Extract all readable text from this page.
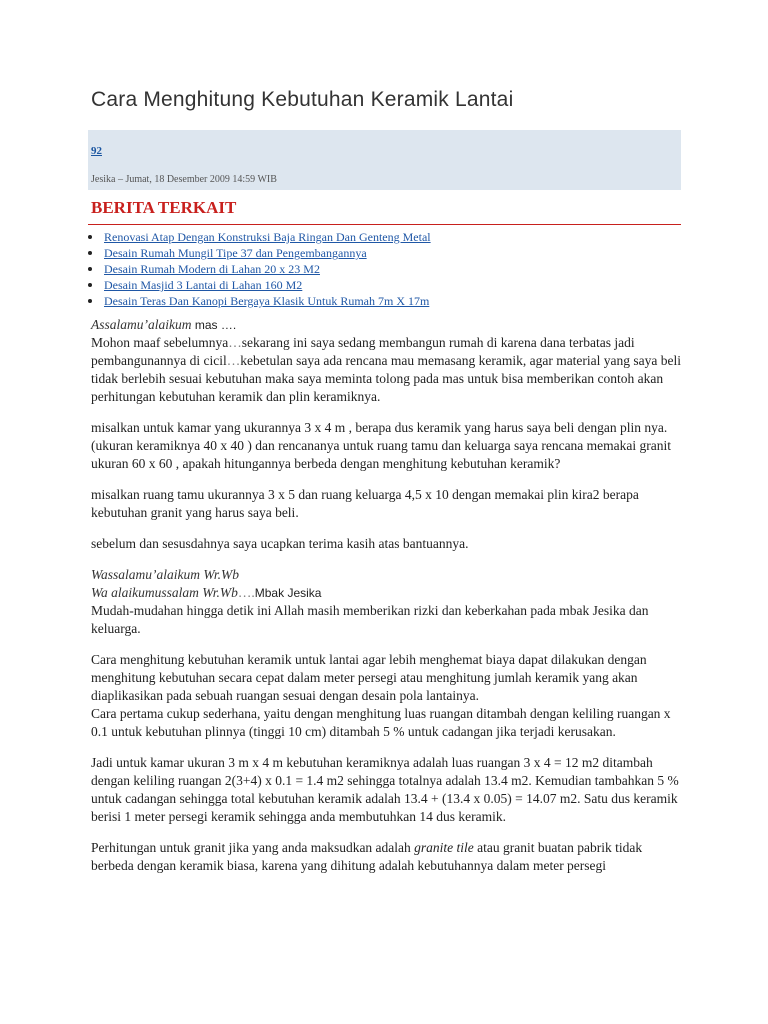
Cara Menghitung Kebutuhan Keramik Lantai
92
Jesika – Jumat, 18 Desember 2009 14:59 WIB
BERITA TERKAIT
Renovasi Atap Dengan Konstruksi Baja Ringan Dan Genteng Metal
Desain Rumah Mungil Tipe 37 dan Pengembangannya
Desain Rumah Modern di Lahan 20 x 23 M2
Desain Masjid 3 Lantai di Lahan 160 M2
Desain Teras Dan Kanopi Bergaya Klasik Untuk Rumah 7m X 17m

Assalamu’alaikum mas ….

Mohon maaf sebelumnya…sekarang ini saya sedang membangun rumah di karena dana terbatas jadi pembangunannya di cicil…kebetulan saya ada rencana mau memasang keramik, agar material yang saya beli tidak berlebih sesuai kebutuhan maka saya meminta tolong pada mas untuk bisa memberikan contoh akan perhitungan kebutuhan keramik dan plin keramiknya.

misalkan untuk kamar yang ukurannya 3 x 4 m , berapa dus keramik yang harus saya beli dengan plin nya. (ukuran keramiknya 40 x 40 ) dan rencananya untuk ruang tamu dan keluarga saya rencana memakai granit ukuran 60 x 60 , apakah hitungannya berbeda dengan menghitung kebutuhan keramik?

misalkan ruang tamu ukurannya 3 x 5 dan ruang keluarga 4,5 x 10 dengan memakai plin kira2 berapa kebutuhan granit yang harus saya beli.

sebelum dan sesusdahnya saya ucapkan terima kasih atas bantuannya.

Wassalamu’alaikum Wr.Wb

Wa alaikumussalam Wr.Wb….Mbak Jesika

Mudah-mudahan hingga detik ini Allah masih memberikan rizki dan keberkahan pada mbak Jesika dan keluarga.

Cara menghitung kebutuhan keramik untuk lantai agar lebih menghemat biaya dapat dilakukan dengan menghitung kebutuhan secara cepat dalam meter persegi atau menghitung jumlah keramik yang akan diaplikasikan pada sebuah ruangan sesuai dengan desain pola lantainya.

Cara pertama cukup sederhana, yaitu dengan menghitung luas ruangan ditambah dengan keliling ruangan x 0.1 untuk kebutuhan plinnya (tinggi 10 cm) ditambah 5 % untuk cadangan jika terjadi kerusakan.

Jadi untuk kamar ukuran 3 m x 4 m kebutuhan keramiknya adalah luas ruangan 3 x 4 = 12 m2 ditambah dengan keliling ruangan 2(3+4) x 0.1 = 1.4 m2 sehingga totalnya adalah 13.4 m2. Kemudian tambahkan 5 % untuk cadangan sehingga total kebutuhan keramik adalah 13.4 + (13.4 x 0.05) = 14.07 m2. Satu dus keramik berisi 1 meter persegi keramik sehingga anda membutuhkan 14 dus keramik.

Perhitungan untuk granit jika yang anda maksudkan adalah granite tile atau granit buatan pabrik tidak berbeda dengan keramik biasa, karena yang dihitung adalah kebutuhannya dalam meter persegi
